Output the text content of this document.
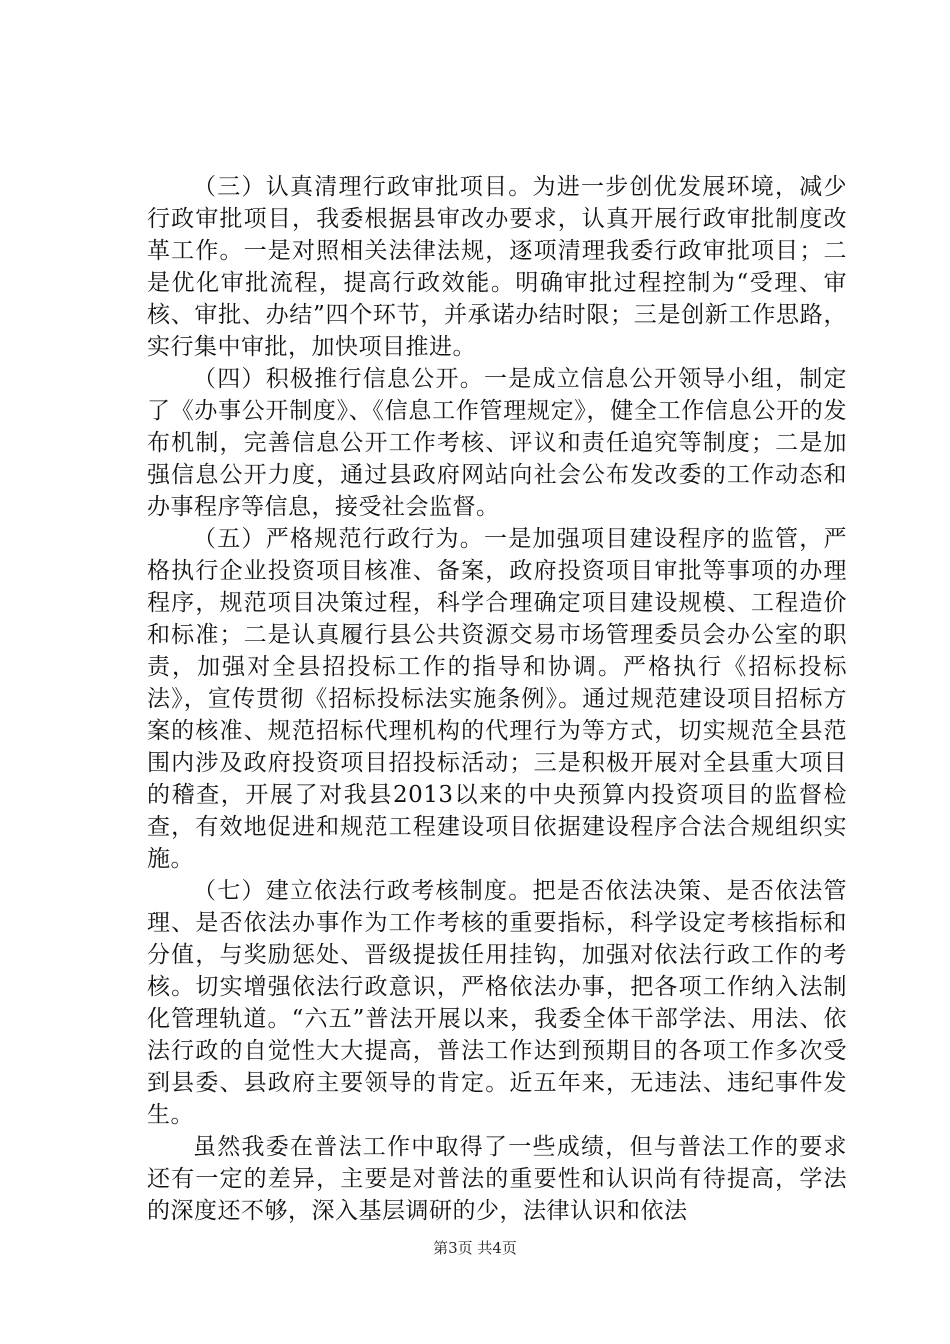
（三）认真清理行政审批项目。为进一步创优发展环境，减少行政审批项目，我委根据县审改办要求，认真开展行政审批制度改革工作。一是对照相关法律法规，逐项清理我委行政审批项目；二是优化审批流程，提高行政效能。明确审批过程控制为“受理、审核、审批、办结”四个环节，并承诺办结时限；三是创新工作思路，实行集中审批，加快项目推进。

（四）积极推行信息公开。一是成立信息公开领导小组，制定了《办事公开制度》、《信息工作管理规定》，健全工作信息公开的发布机制，完善信息公开工作考核、评议和责任追究等制度；二是加强信息公开力度，通过县政府网站向社会公布发改委的工作动态和办事程序等信息，接受社会监督。

（五）严格规范行政行为。一是加强项目建设程序的监管，严格执行企业投资项目核准、备案，政府投资项目审批等事项的办理程序，规范项目决策过程，科学合理确定项目建设规模、工程造价和标准；二是认真履行县公共资源交易市场管理委员会办公室的职责，加强对全县招投标工作的指导和协调。严格执行《招标投标法》，宣传贯彻《招标投标法实施条例》。通过规范建设项目招标方案的核准、规范招标代理机构的代理行为等方式，切实规范全县范围内涉及政府投资项目招投标活动；三是积极开展对全县重大项目的稽查，开展了对我县2013以来的中央预算内投资项目的监督检查，有效地促进和规范工程建设项目依据建设程序合法合规组织实施。

（七）建立依法行政考核制度。把是否依法决策、是否依法管理、是否依法办事作为工作考核的重要指标，科学设定考核指标和分值，与奖励惩处、晋级提拔任用挂钩，加强对依法行政工作的考核。切实增强依法行政意识，严格依法办事，把各项工作纳入法制化管理轨道。“六五”普法开展以来，我委全体干部学法、用法、依法行政的自觉性大大提高，普法工作达到预期目的各项工作多次受到县委、县政府主要领导的肯定。近五年来，无违法、违纪事件发生。

虽然我委在普法工作中取得了一些成绩，但与普法工作的要求还有一定的差异，主要是对普法的重要性和认识尚有待提高，学法的深度还不够，深入基层调研的少，法律认识和依法

第3页 共4页
